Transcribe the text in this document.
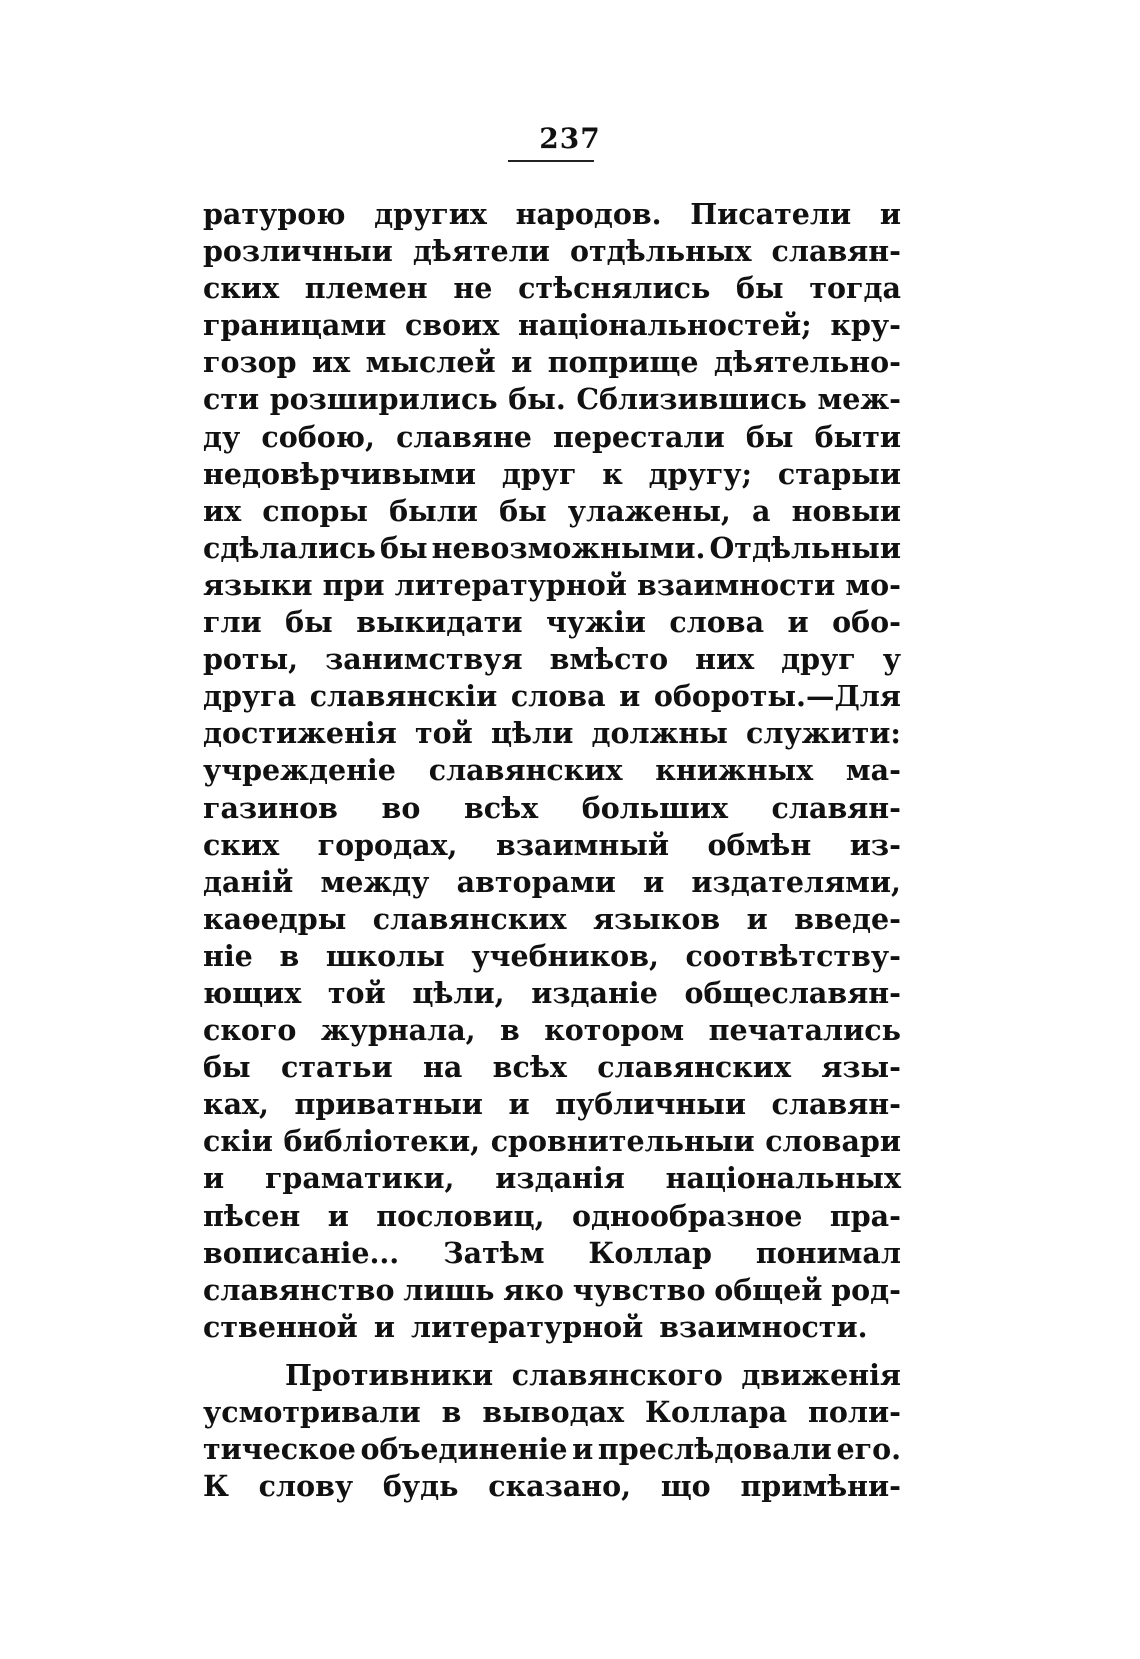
237
ратурою других народов. Писатели и
розличныи дѣятели отдѣльных славян-
ских племен не стѣснялись бы тогда
границами своих нацiональностей; кру-
гозор их мыслей и поприще дѣятельно-
сти розширились бы. Сблизившись меж-
ду собою, славяне перестали бы быти
недовѣрчивыми друг к другу; старыи
их споры были бы улажены, а новыи
сдѣлались бы невозможными. Отдѣльныи
языки при литературной взаимности мо-
гли бы выкидати чужiи слова и обо-
роты, занимствуя вмѣсто них друг у
друга славянскiи слова и обороты.—Для
достиженiя той цѣли должны служити:
учрежденiе славянских книжных ма-
газинов во всѣх больших славян-
ских городах, взаимный обмѣн из-
данiй между авторами и издателями,
каѳедры славянских языков и введе-
нiе в школы учебников, соотвѣтству-
ющих той цѣли, изданiе общеславян-
ского журнала, в котором печатались
бы статьи на всѣх славянских язы-
ках, приватныи и публичныи славян-
скiи библiотеки, сровнительныи словари
и граматики, изданiя нацiональных
пѣсен и пословиц, однообразное пра-
вописанiе... Затѣм Коллар понимал
славянство лишь яко чувство общей род-
ственной и литературной взаимности.
Противники славянского движенiя
усмотривали в выводах Коллара поли-
тическое объединенiе и преслѣдовали его.
К слову будь сказано, що примѣни-
